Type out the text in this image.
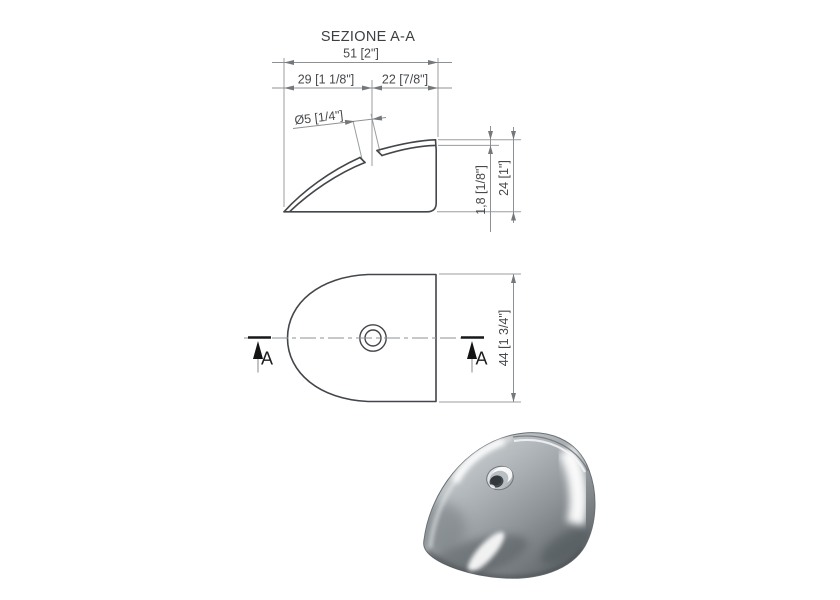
SEZIONE A-A
51 [2"]
29 [1 1/8"] 22 [7/8"]
Ø5 [1/4"]
1,8 [1/8"] 24 [1"]
A	A 44 [1 3/4"]
